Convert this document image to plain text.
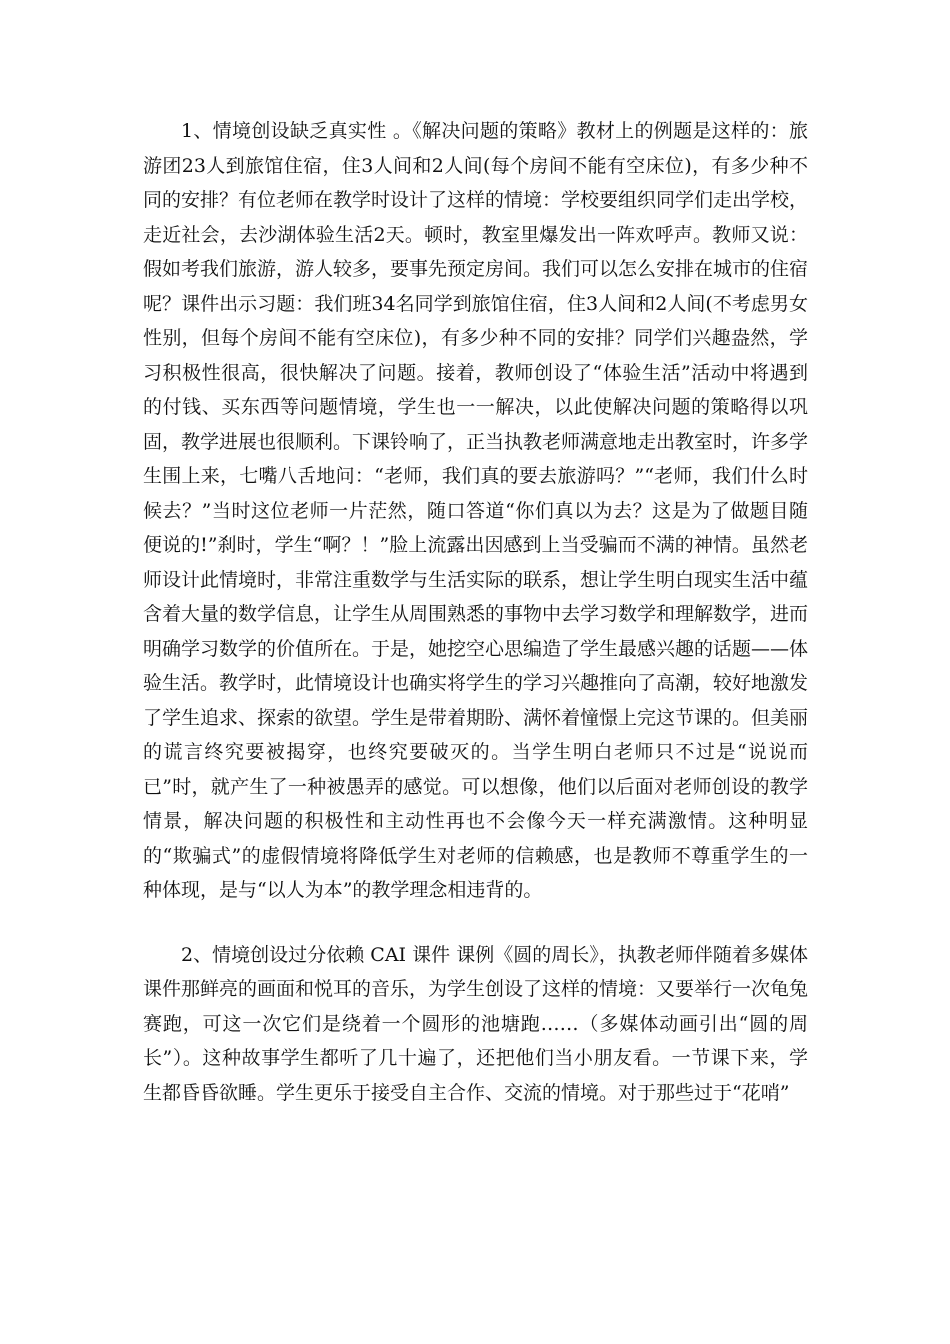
1、情境创设缺乏真实性 。《解决问题的策略》教材上的例题是这样的：旅游团23人到旅馆住宿，住3人间和2人间(每个房间不能有空床位)，有多少种不同的安排？有位老师在教学时设计了这样的情境：学校要组织同学们走出学校，走近社会，去沙湖体验生活2天。顿时，教室里爆发出一阵欢呼声。教师又说：假如考我们旅游，游人较多，要事先预定房间。我们可以怎么安排在城市的住宿呢？课件出示习题：我们班34名同学到旅馆住宿，住3人间和2人间(不考虑男女性别，但每个房间不能有空床位)，有多少种不同的安排？同学们兴趣盎然，学习积极性很高，很快解决了问题。接着，教师创设了“体验生活”活动中将遇到的付钱、买东西等问题情境，学生也一一解决，以此使解决问题的策略得以巩固，教学进展也很顺利。下课铃响了，正当执教老师满意地走出教室时，许多学生围上来，七嘴八舌地问：“老师，我们真的要去旅游吗？”“老师，我们什么时候去？”当时这位老师一片茫然，随口答道“你们真以为去？这是为了做题目随便说的!”刹时，学生“啊？！”脸上流露出因感到上当受骗而不满的神情。虽然老师设计此情境时，非常注重数学与生活实际的联系，想让学生明白现实生活中蕴含着大量的数学信息，让学生从周围熟悉的事物中去学习数学和理解数学，进而明确学习数学的价值所在。于是，她挖空心思编造了学生最感兴趣的话题——体验生活。教学时，此情境设计也确实将学生的学习兴趣推向了高潮，较好地激发了学生追求、探索的欲望。学生是带着期盼、满怀着憧憬上完这节课的。但美丽的谎言终究要被揭穿，也终究要破灭的。当学生明白老师只不过是“说说而已”时，就产生了一种被愚弄的感觉。可以想像，他们以后面对老师创设的教学情景，解决问题的积极性和主动性再也不会像今天一样充满激情。这种明显的“欺骗式”的虚假情境将降低学生对老师的信赖感，也是教师不尊重学生的一种体现，是与“以人为本”的教学理念相违背的。

2、情境创设过分依赖 CAI 课件 课例《圆的周长》，执教老师伴随着多媒体课件那鲜亮的画面和悦耳的音乐，为学生创设了这样的情境：又要举行一次龟兔赛跑，可这一次它们是绕着一个圆形的池塘跑……（多媒体动画引出“圆的周长”）。这种故事学生都听了几十遍了，还把他们当小朋友看。一节课下来，学生都昏昏欲睡。学生更乐于接受自主合作、交流的情境。对于那些过于“花哨”
